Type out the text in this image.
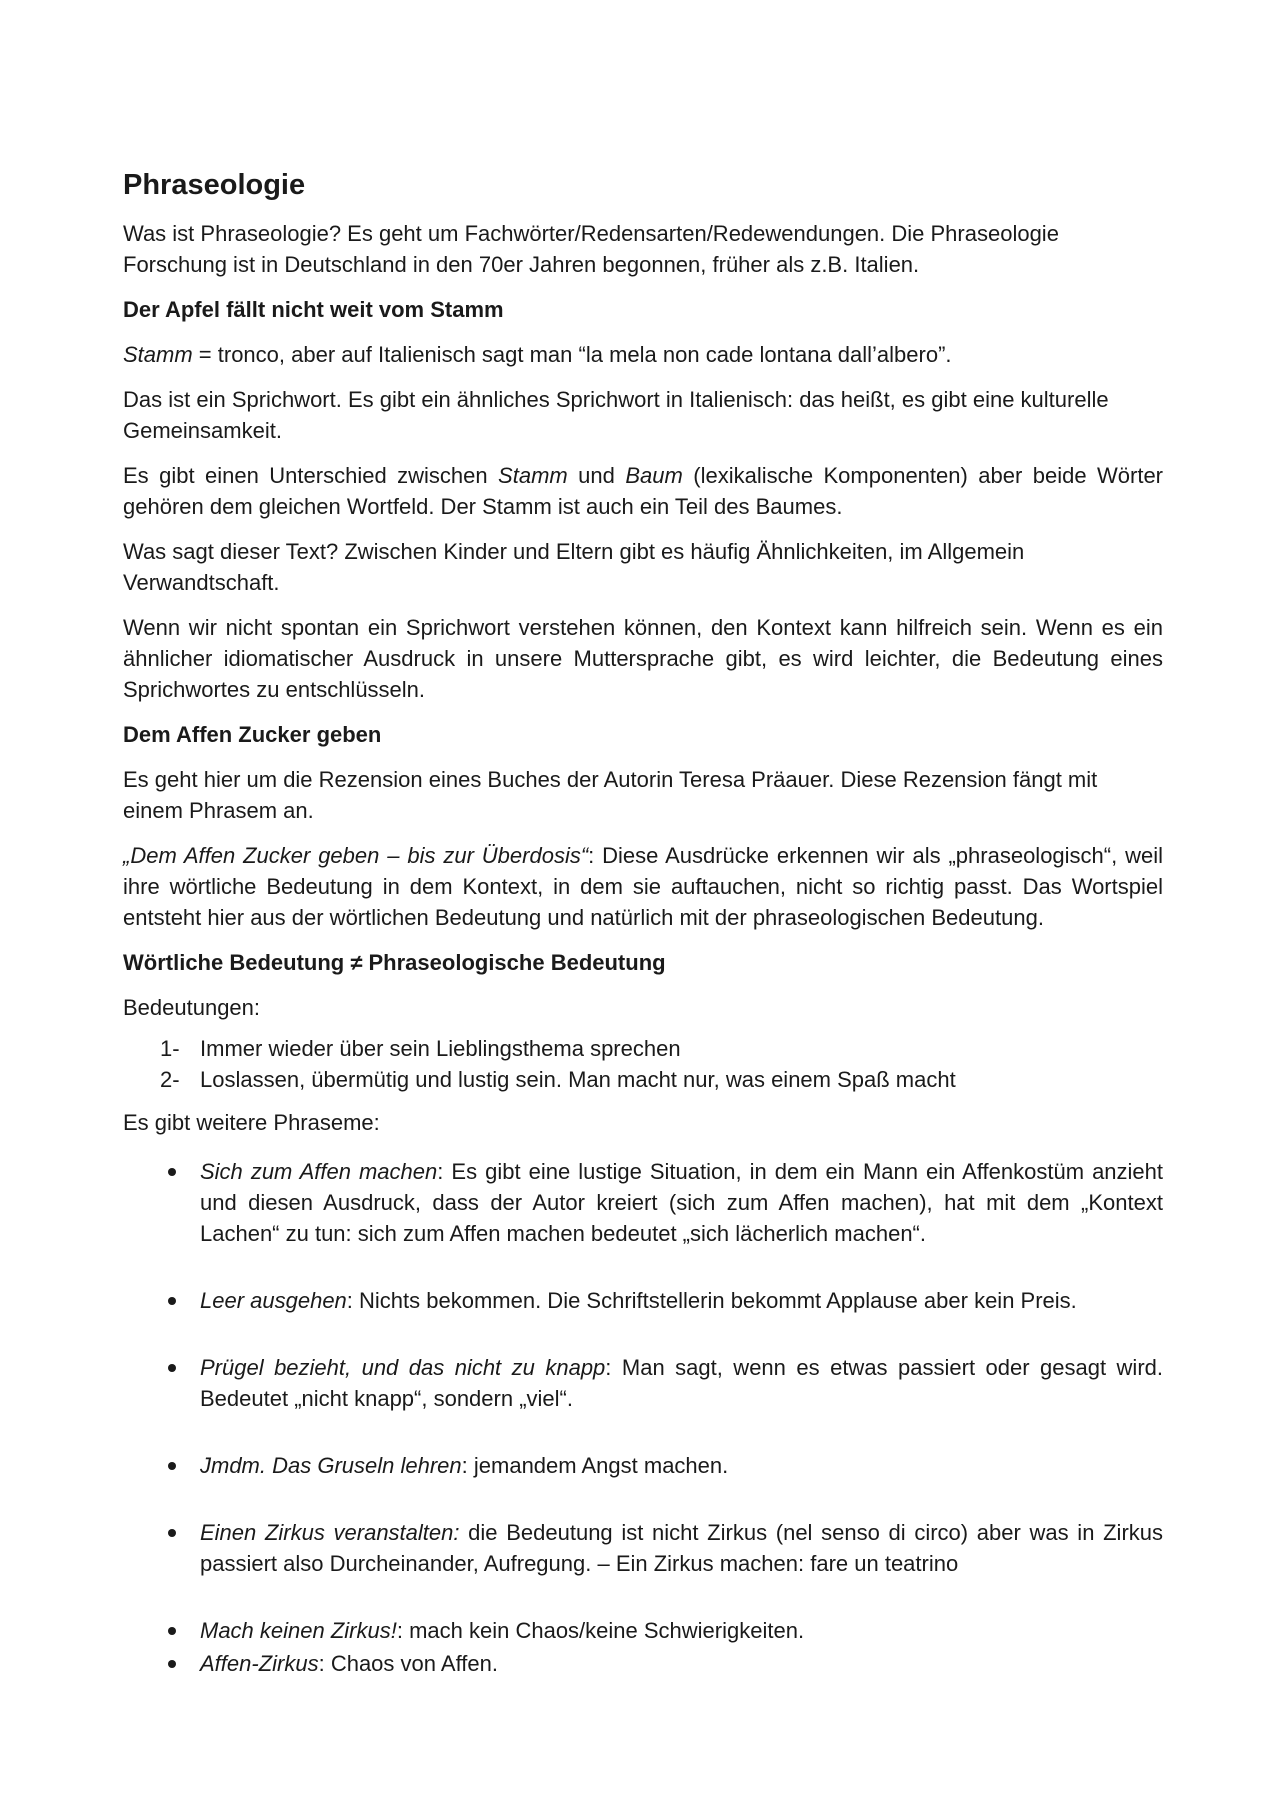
Phraseologie

Was ist Phraseologie? Es geht um Fachwörter/Redensarten/Redewendungen. Die Phraseologie Forschung ist in Deutschland in den 70er Jahren begonnen, früher als z.B. Italien.

Der Apfel fällt nicht weit vom Stamm

Stamm = tronco, aber auf Italienisch sagt man “la mela non cade lontana dall’albero”.

Das ist ein Sprichwort. Es gibt ein ähnliches Sprichwort in Italienisch: das heißt, es gibt eine kulturelle Gemeinsamkeit.

Es gibt einen Unterschied zwischen Stamm und Baum (lexikalische Komponenten) aber beide Wörter gehören dem gleichen Wortfeld. Der Stamm ist auch ein Teil des Baumes.

Was sagt dieser Text? Zwischen Kinder und Eltern gibt es häufig Ähnlichkeiten, im Allgemein Verwandtschaft.

Wenn wir nicht spontan ein Sprichwort verstehen können, den Kontext kann hilfreich sein. Wenn es ein ähnlicher idiomatischer Ausdruck in unsere Muttersprache gibt, es wird leichter, die Bedeutung eines Sprichwortes zu entschlüsseln.

Dem Affen Zucker geben

Es geht hier um die Rezension eines Buches der Autorin Teresa Präauer. Diese Rezension fängt mit einem Phrasem an.

„Dem Affen Zucker geben – bis zur Überdosis“: Diese Ausdrücke erkennen wir als „phraseologisch“, weil ihre wörtliche Bedeutung in dem Kontext, in dem sie auftauchen, nicht so richtig passt. Das Wortspiel entsteht hier aus der wörtlichen Bedeutung und natürlich mit der phraseologischen Bedeutung.

Wörtliche Bedeutung ≠ Phraseologische Bedeutung

Bedeutungen:

1- Immer wieder über sein Lieblingsthema sprechen
2- Loslassen, übermütig und lustig sein. Man macht nur, was einem Spaß macht

Es gibt weitere Phraseme:

Sich zum Affen machen: Es gibt eine lustige Situation, in dem ein Mann ein Affenkostüm anzieht und diesen Ausdruck, dass der Autor kreiert (sich zum Affen machen), hat mit dem „Kontext Lachen“ zu tun: sich zum Affen machen bedeutet „sich lächerlich machen“.
Leer ausgehen: Nichts bekommen. Die Schriftstellerin bekommt Applause aber kein Preis.
Prügel bezieht, und das nicht zu knapp: Man sagt, wenn es etwas passiert oder gesagt wird. Bedeutet „nicht knapp“, sondern „viel“.
Jmdm. Das Gruseln lehren: jemandem Angst machen.
Einen Zirkus veranstalten: die Bedeutung ist nicht Zirkus (nel senso di circo) aber was in Zirkus passiert also Durcheinander, Aufregung. – Ein Zirkus machen: fare un teatrino
Mach keinen Zirkus!: mach kein Chaos/keine Schwierigkeiten.
Affen-Zirkus: Chaos von Affen.
